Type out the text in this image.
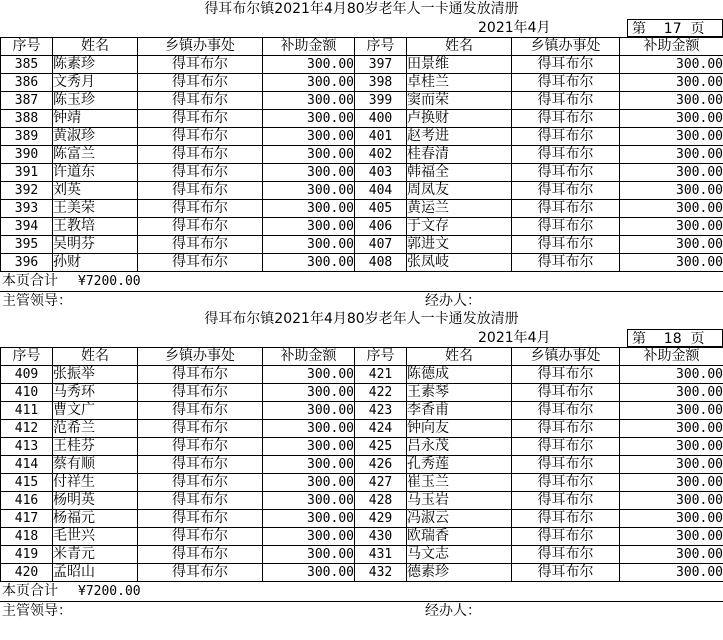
得耳布尔镇2021年4月80岁老年人一卡通发放清册
2021年4月	第    17  页
序号	姓名	乡镇办事处	补助金额	序号	姓名	乡镇办事处	补助金额
385	陈素珍	得耳布尔	300.00	397	田景维	得耳布尔	300.00
386	文秀月	得耳布尔	300.00	398	卓桂兰	得耳布尔	300.00
387	陈玉珍	得耳布尔	300.00	399	窦而荣	得耳布尔	300.00
388	钟靖	得耳布尔	300.00	400	卢换财	得耳布尔	300.00
389	黄淑珍	得耳布尔	300.00	401	赵考进	得耳布尔	300.00
390	陈富兰	得耳布尔	300.00	402	桂春清	得耳布尔	300.00
391	许道东	得耳布尔	300.00	403	韩福全	得耳布尔	300.00
392	刘英	得耳布尔	300.00	404	周凤友	得耳布尔	300.00
393	王美荣	得耳布尔	300.00	405	黄运兰	得耳布尔	300.00
394	王教培	得耳布尔	300.00	406	于文存	得耳布尔	300.00
395	吴明芬	得耳布尔	300.00	407	郭进文	得耳布尔	300.00
396	孙财	得耳布尔	300.00	408	张凤岐	得耳布尔	300.00
本页合计 ¥7200.00
主管领导：	经办人：
得耳布尔镇2021年4月80岁老年人一卡通发放清册
2021年4月	第    18  页
序号	姓名	乡镇办事处	补助金额	序号	姓名	乡镇办事处	补助金额
409	张振举	得耳布尔	300.00	421	陈德成	得耳布尔	300.00
410	马秀环	得耳布尔	300.00	422	王素琴	得耳布尔	300.00
411	曹文广	得耳布尔	300.00	423	李香甫	得耳布尔	300.00
412	范希兰	得耳布尔	300.00	424	钟向友	得耳布尔	300.00
413	王桂芬	得耳布尔	300.00	425	吕永茂	得耳布尔	300.00
414	蔡有顺	得耳布尔	300.00	426	孔秀莲	得耳布尔	300.00
415	付祥生	得耳布尔	300.00	427	崔玉兰	得耳布尔	300.00
416	杨明英	得耳布尔	300.00	428	马玉岩	得耳布尔	300.00
417	杨福元	得耳布尔	300.00	429	冯淑云	得耳布尔	300.00
418	毛世兴	得耳布尔	300.00	430	欧瑞香	得耳布尔	300.00
419	米青元	得耳布尔	300.00	431	马文志	得耳布尔	300.00
420	孟昭山	得耳布尔	300.00	432	德素珍	得耳布尔	300.00
本页合计 ¥7200.00
主管领导：	经办人：
